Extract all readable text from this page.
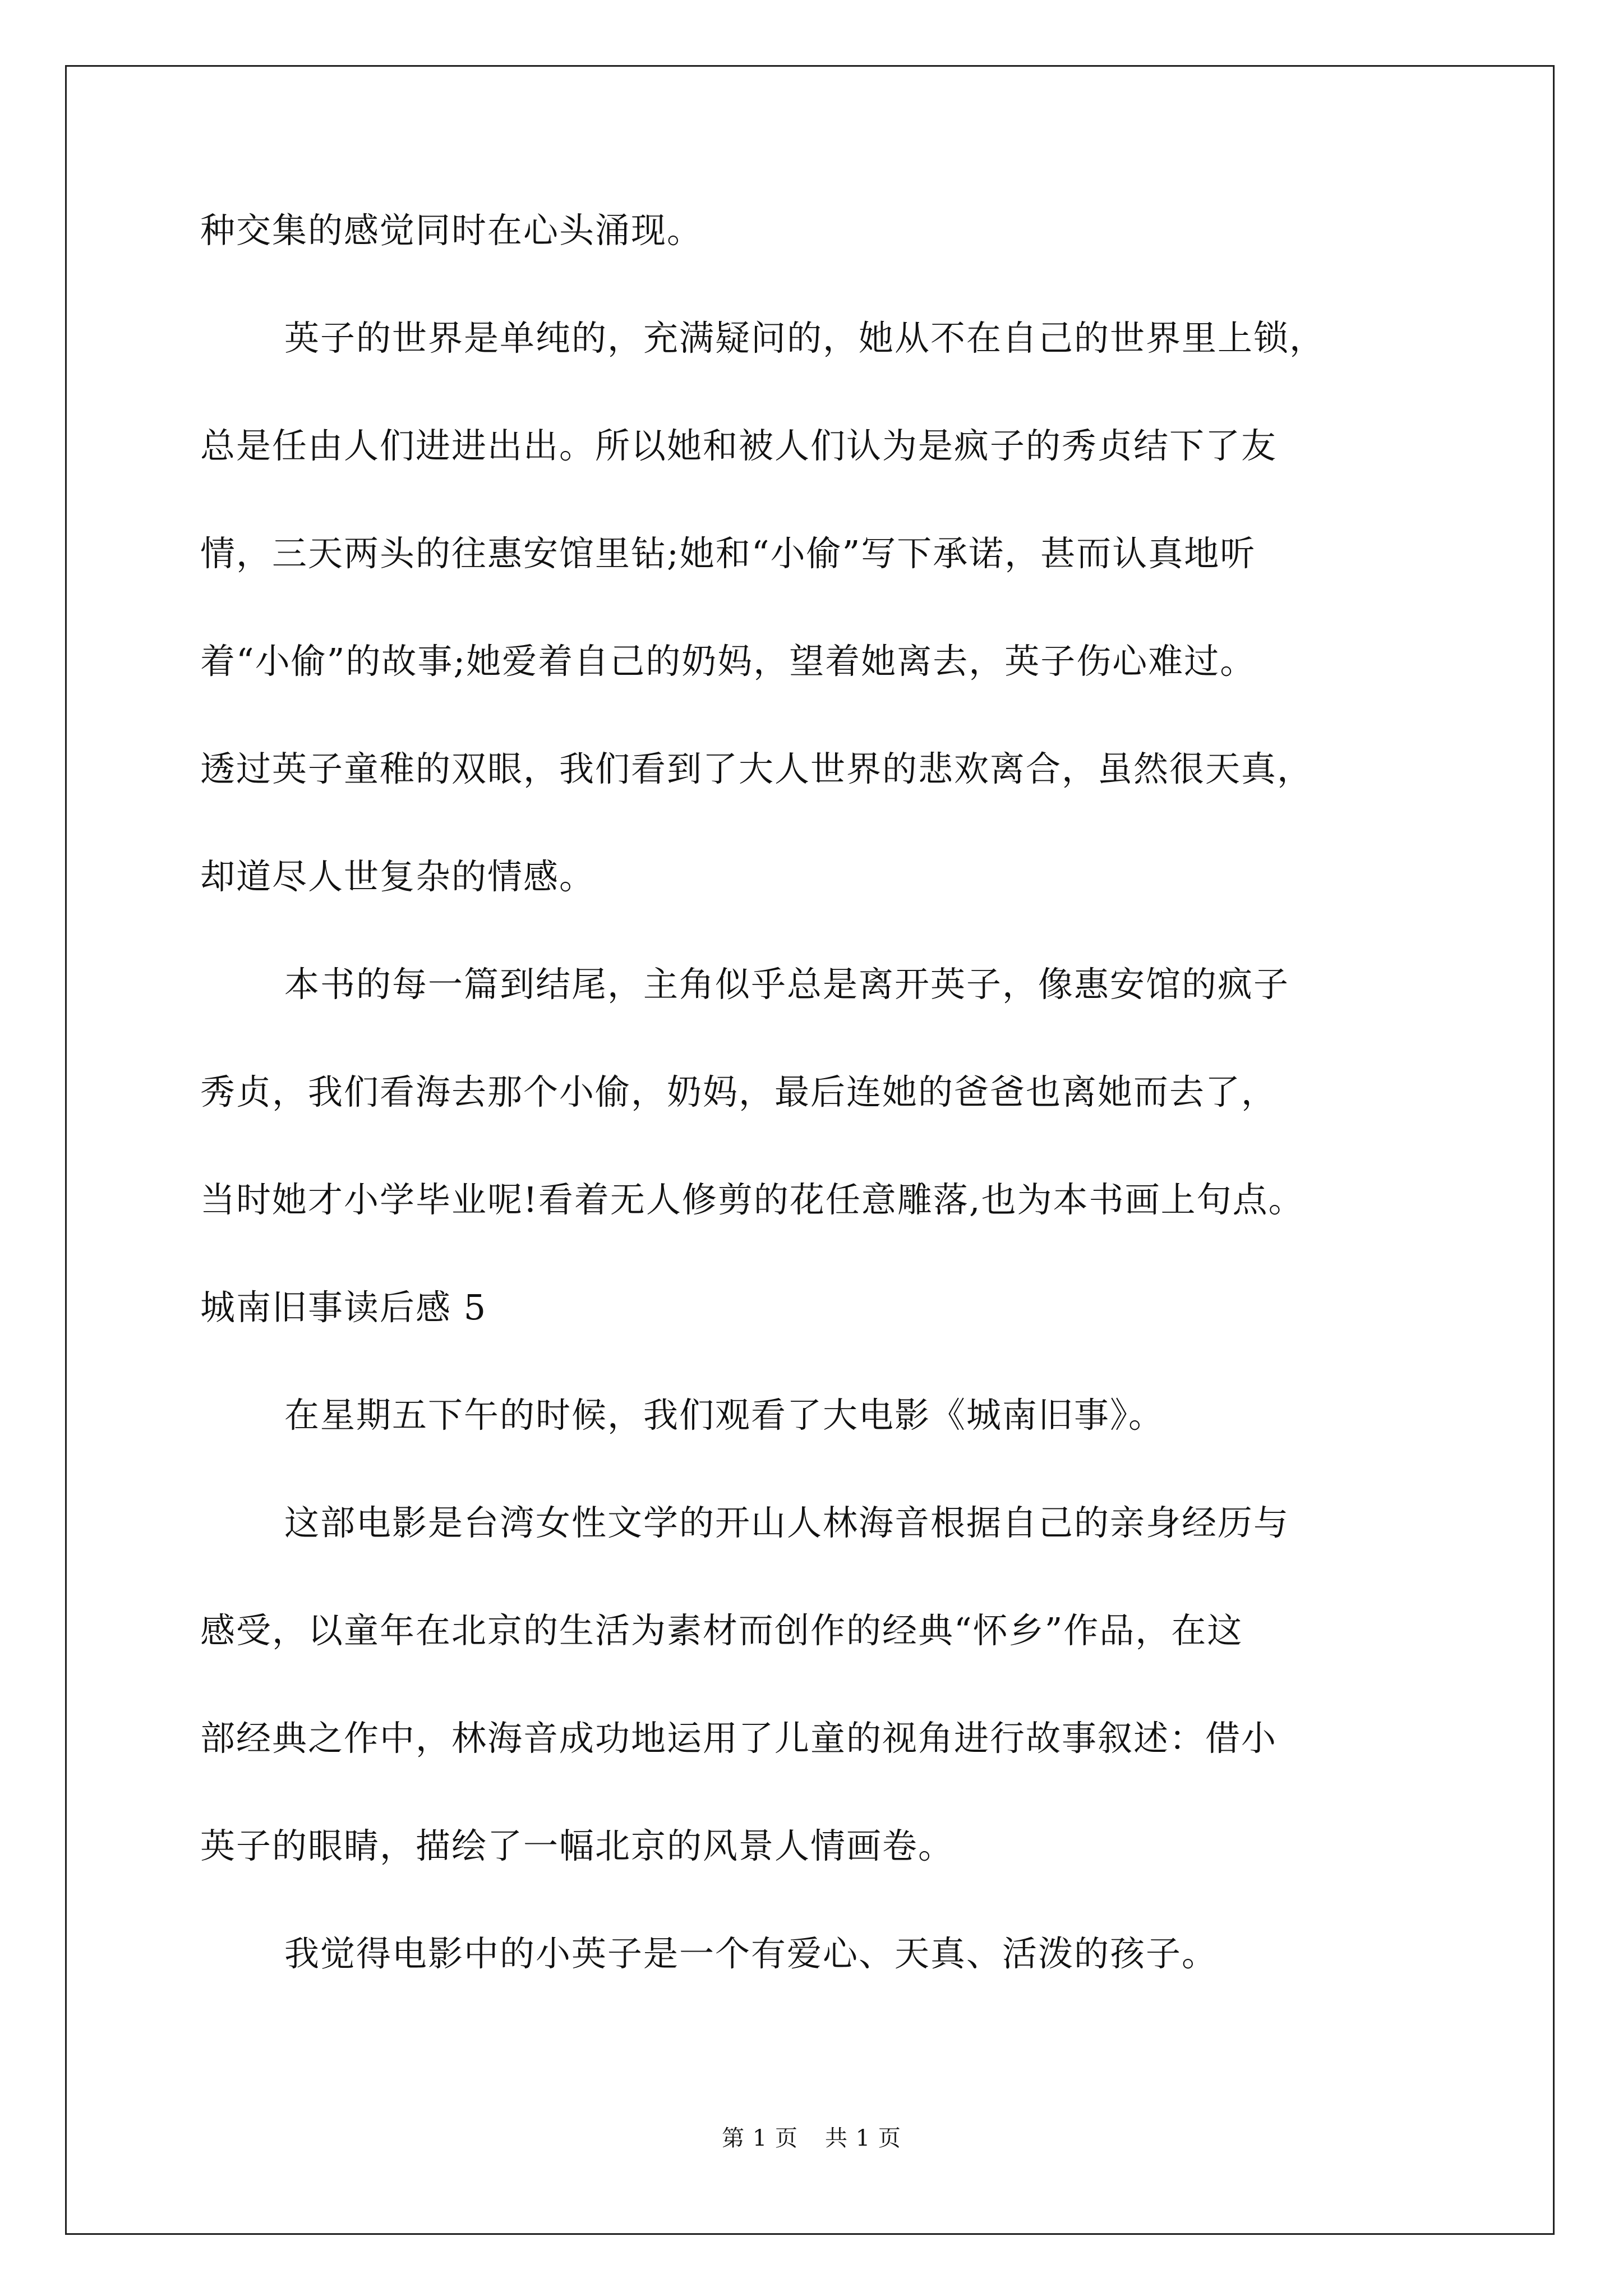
种交集的感觉同时在心头涌现。
英子的世界是单纯的，充满疑问的，她从不在自己的世界里上锁，
总是任由人们进进出出。所以她和被人们认为是疯子的秀贞结下了友
情，三天两头的往惠安馆里钻;她和“小偷”写下承诺，甚而认真地听
着“小偷”的故事;她爱着自己的奶妈，望着她离去，英子伤心难过。
透过英子童稚的双眼，我们看到了大人世界的悲欢离合，虽然很天真，
却道尽人世复杂的情感。
本书的每一篇到结尾，主角似乎总是离开英子，像惠安馆的疯子
秀贞，我们看海去那个小偷，奶妈，最后连她的爸爸也离她而去了，
当时她才小学毕业呢!看着无人修剪的花任意雕落,也为本书画上句点。
城南旧事读后感 5
在星期五下午的时候，我们观看了大电影《城南旧事》。
这部电影是台湾女性文学的开山人林海音根据自己的亲身经历与
感受，以童年在北京的生活为素材而创作的经典“怀乡”作品，在这
部经典之作中，林海音成功地运用了儿童的视角进行故事叙述：借小
英子的眼睛，描绘了一幅北京的风景人情画卷。
我觉得电影中的小英子是一个有爱心、天真、活泼的孩子。
第 1 页 共 1 页
